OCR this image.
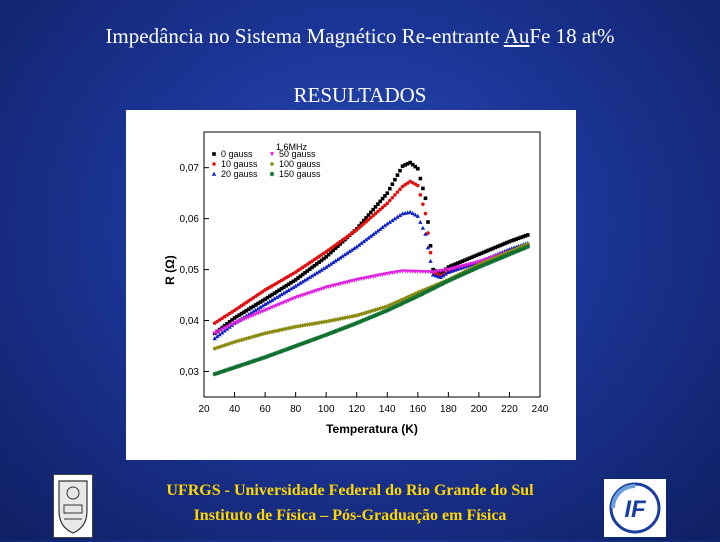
Impedância no Sistema Magnético Re-entrante AuFe 18 at%
RESULTADOS
20 40 60 80 100 120 140 160 180 200 220 240
0,03
0,04
0,05
0,06
0,07
0 gauss
10 gauss
20 gauss
50 gauss
100 gauss
150 gauss
1.6MHz
Temperatura (K)
R (Ω)
UFRGS - Universidade Federal do Rio Grande do Sul
Instituto de Física – Pós-Graduação em Física	IF
